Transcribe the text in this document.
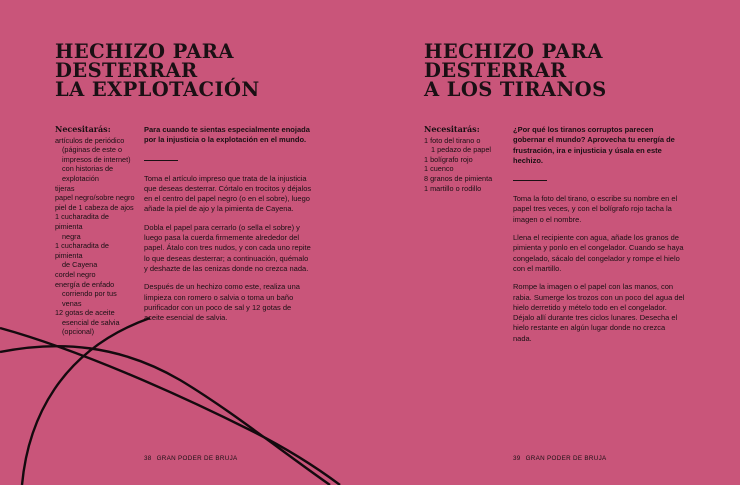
HECHIZO PARA
DESTERRAR
LA EXPLOTACIÓN
Necesitarás:
artículos de periódico
(páginas de este o
impresos de internet)
con historias de
explotación
tijeras
papel negro/sobre negro
piel de 1 cabeza de ajos
1 cucharadita de pimienta
negra
1 cucharadita de pimienta
de Cayena
cordel negro
energía de enfado
corriendo por tus venas
12 gotas de aceite
esencial de salvia
(opcional)

Para cuando te sientas especialmente enojada por la injusticia o la explotación en el mundo.

Toma el artículo impreso que trata de la injusticia que deseas desterrar. Córtalo en trocitos y déjalos en el centro del papel negro (o en el sobre), luego añade la piel de ajo y la pimienta de Cayena.

Dobla el papel para cerrarlo (o sella el sobre) y luego pasa la cuerda firmemente alrededor del papel. Átalo con tres nudos, y con cada uno repite lo que deseas desterrar; a continuación, quémalo y deshazte de las cenizas donde no crezca nada.

Después de un hechizo como este, realiza una limpieza con romero o salvia o toma un baño purificador con un poco de sal y 12 gotas de aceite esencial de salvia.

38 GRAN PODER DE BRUJA
HECHIZO PARA
DESTERRAR
A LOS TIRANOS
Necesitarás:
1 foto del tirano o
1 pedazo de papel
1 bolígrafo rojo
1 cuenco
8 granos de pimienta
1 martillo o rodillo

¿Por qué los tiranos corruptos parecen gobernar el mundo? Aprovecha tu energía de frustración, ira e injusticia y úsala en este hechizo.

Toma la foto del tirano, o escribe su nombre en el papel tres veces, y con el bolígrafo rojo tacha la imagen o el nombre.

Llena el recipiente con agua, añade los granos de pimienta y ponlo en el congelador. Cuando se haya congelado, sácalo del congelador y rompe el hielo con el martillo.

Rompe la imagen o el papel con las manos, con rabia. Sumerge los trozos con un poco del agua del hielo derretido y mételo todo en el congelador. Déjalo allí durante tres ciclos lunares. Desecha el hielo restante en algún lugar donde no crezca nada.

39 GRAN PODER DE BRUJA
